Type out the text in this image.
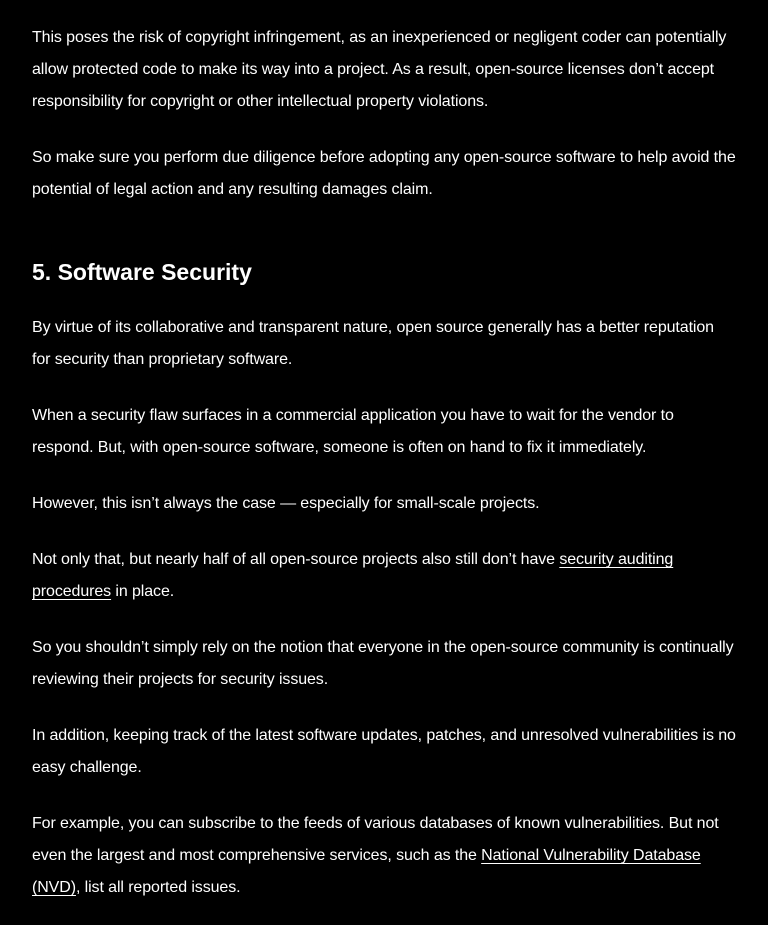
This poses the risk of copyright infringement, as an inexperienced or negligent coder can potentially allow protected code to make its way into a project. As a result, open-source licenses don’t accept responsibility for copyright or other intellectual property violations.

So make sure you perform due diligence before adopting any open-source software to help avoid the potential of legal action and any resulting damages claim.

5. Software Security

By virtue of its collaborative and transparent nature, open source generally has a better reputation for security than proprietary software.

When a security flaw surfaces in a commercial application you have to wait for the vendor to respond. But, with open-source software, someone is often on hand to fix it immediately.

However, this isn’t always the case — especially for small-scale projects.

Not only that, but nearly half of all open-source projects also still don’t have security auditing procedures in place.

So you shouldn’t simply rely on the notion that everyone in the open-source community is continually reviewing their projects for security issues.

In addition, keeping track of the latest software updates, patches, and unresolved vulnerabilities is no easy challenge.

For example, you can subscribe to the feeds of various databases of known vulnerabilities. But not even the largest and most comprehensive services, such as the National Vulnerability Database (NVD), list all reported issues.
